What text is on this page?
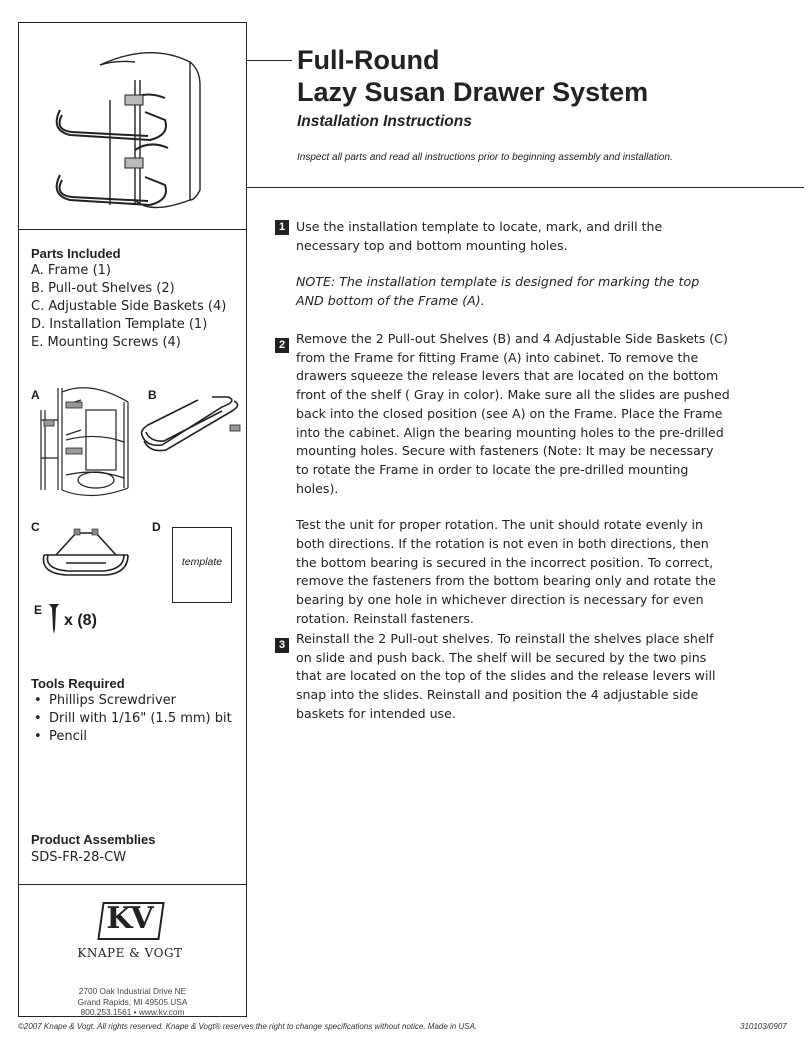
Full-Round
Lazy Susan Drawer System
Installation Instructions
Inspect all parts and read all instructions prior to beginning assembly and installation.
Parts Included
A. Frame (1)
B. Pull-out Shelves (2)
C. Adjustable Side Baskets (4)
D. Installation Template (1)
E. Mounting Screws (4)
A	B
C	D
template
E
x (8)
Tools Required
• Phillips Screwdriver
• Drill with 1/16" (1.5 mm) bit
• Pencil
Product Assemblies
SDS-FR-28-CW
KV
KNAPE & VOGT
2700 Oak Industrial Drive NE
Grand Rapids, MI 49505 USA
800.253.1561 • www.kv.com
1 Use the installation template to locate, mark, and drill the necessary top and bottom mounting holes.

NOTE: The installation template is designed for marking the top AND bottom of the Frame (A).

2 Remove the 2 Pull-out Shelves (B) and 4 Adjustable Side Baskets (C) from the Frame for fitting Frame (A) into cabinet. To remove the drawers squeeze the release levers that are located on the bottom front of the shelf ( Gray in color). Make sure all the slides are pushed back into the closed position (see A) on the Frame. Place the Frame into the cabinet. Align the bearing mounting holes to the pre-drilled mounting holes. Secure with fasteners (Note: It may be necessary to rotate the Frame in order to locate the pre-drilled mounting holes).

Test the unit for proper rotation. The unit should rotate evenly in both directions. If the rotation is not even in both directions, then the bottom bearing is secured in the incorrect position. To correct, remove the fasteners from the bottom bearing only and rotate the bearing by one hole in whichever direction is necessary for even rotation. Reinstall fasteners.

3 Reinstall the 2 Pull-out shelves. To reinstall the shelves place shelf on slide and push back. The shelf will be secured by the two pins that are located on the top of the slides and the release levers will snap into the slides. Reinstall and position the 4 adjustable side baskets for intended use.

©2007 Knape & Vogt. All rights reserved. Knape & Vogt® reserves the right to change specifications without notice. Made in USA.	310103/0907
